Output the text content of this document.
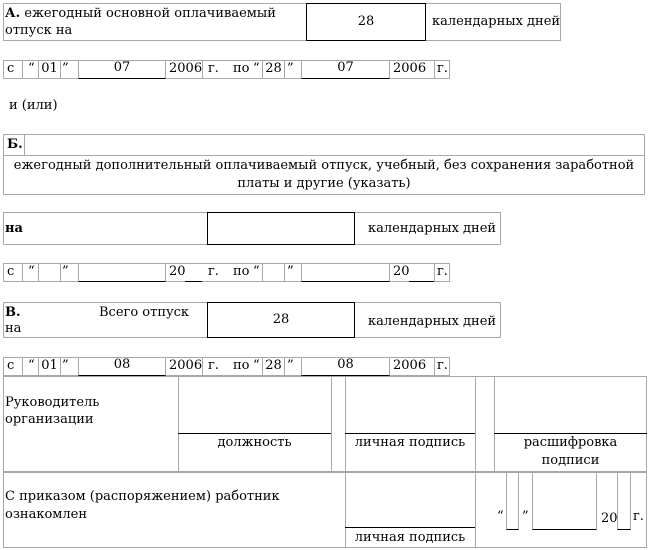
А. ежегодный основной оплачиваемый
отпуск на
28	календарных дней
с “ 01 ”	07	2006 г. по “ 28 ”	07	2006 г.
и (или)
Б.
ежегодный дополнительный оплачиваемый отпуск, учебный, без сохранения заработной
платы и другие (указать)
на	календарных дней
с “ ”	20 г. по “ ”	20 г.
В.	Всего отпуск
на
28	календарных дней
с “ 01 ”	08	2006 г. по “ 28 ”	08	2006 г.
Руководитель
организации
должность	личная подпись	расшифровка
подписи
С приказом (распоряжением) работник
ознакомлен
личная подпись
“ ”	20 г.
